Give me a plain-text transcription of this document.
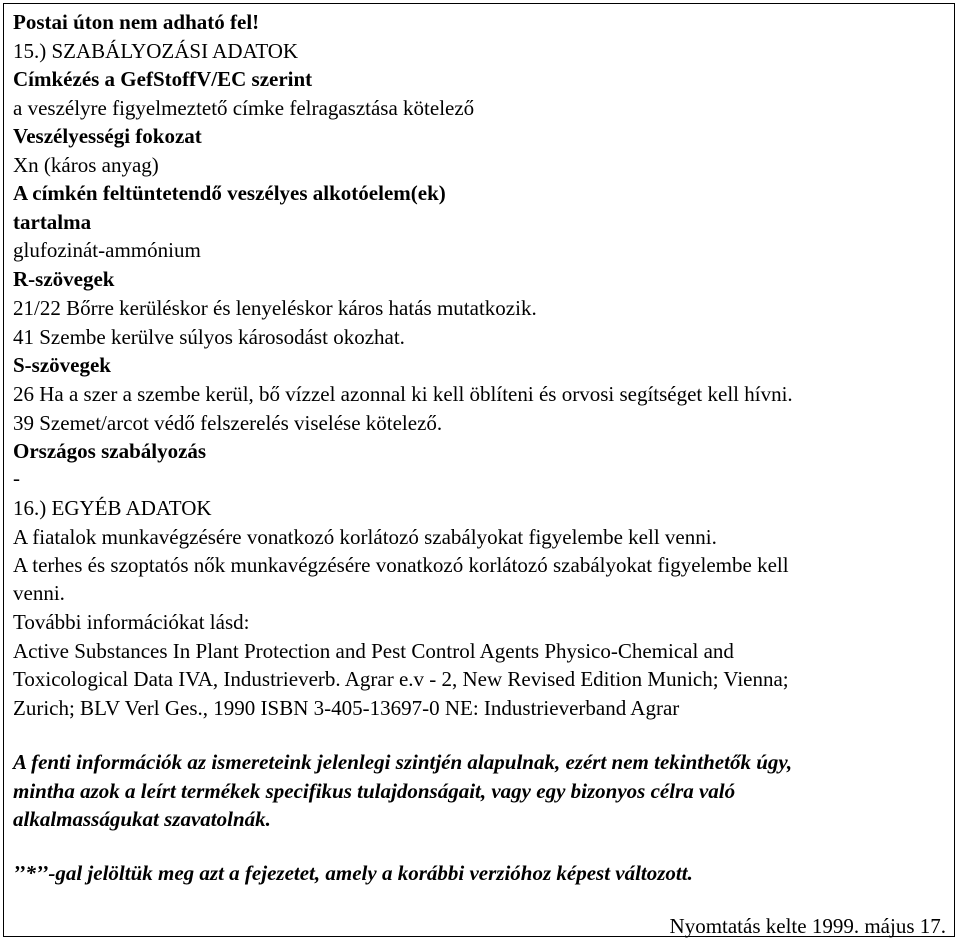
Postai úton nem adható fel!
15.) SZABÁLYOZÁSI ADATOK
Címkézés a GefStoffV/EC szerint
a veszélyre figyelmeztető címke felragasztása kötelező
Veszélyességi fokozat
Xn (káros anyag)
A címkén feltüntetendő veszélyes alkotóelem(ek)
tartalma
glufozinát-ammónium
R-szövegek
21/22 Bőrre kerüléskor és lenyeléskor káros hatás mutatkozik.
41 Szembe kerülve súlyos károsodást okozhat.
S-szövegek
26 Ha a szer a szembe kerül, bő vízzel azonnal ki kell öblíteni és orvosi segítséget kell hívni.
39 Szemet/arcot védő felszerelés viselése kötelező.
Országos szabályozás
-
16.) EGYÉB ADATOK
A fiatalok munkavégzésére vonatkozó korlátozó szabályokat figyelembe kell venni.
A terhes és szoptatós nők munkavégzésére vonatkozó korlátozó szabályokat figyelembe kell
venni.
További információkat lásd:
Active Substances In Plant Protection and Pest Control Agents Physico-Chemical and
Toxicological Data IVA, Industrieverb. Agrar e.v - 2, New Revised Edition Munich; Vienna;
Zurich; BLV Verl Ges., 1990 ISBN 3-405-13697-0 NE: Industrieverband Agrar
A fenti információk az ismereteink jelenlegi szintjén alapulnak, ezért nem tekinthetők úgy,
mintha azok a leírt termékek specifikus tulajdonságait, vagy egy bizonyos célra való
alkalmasságukat szavatolnák.
’’*’’-gal jelöltük meg azt a fejezetet, amely a korábbi verzióhoz képest változott.
Nyomtatás kelte 1999. május 17.
